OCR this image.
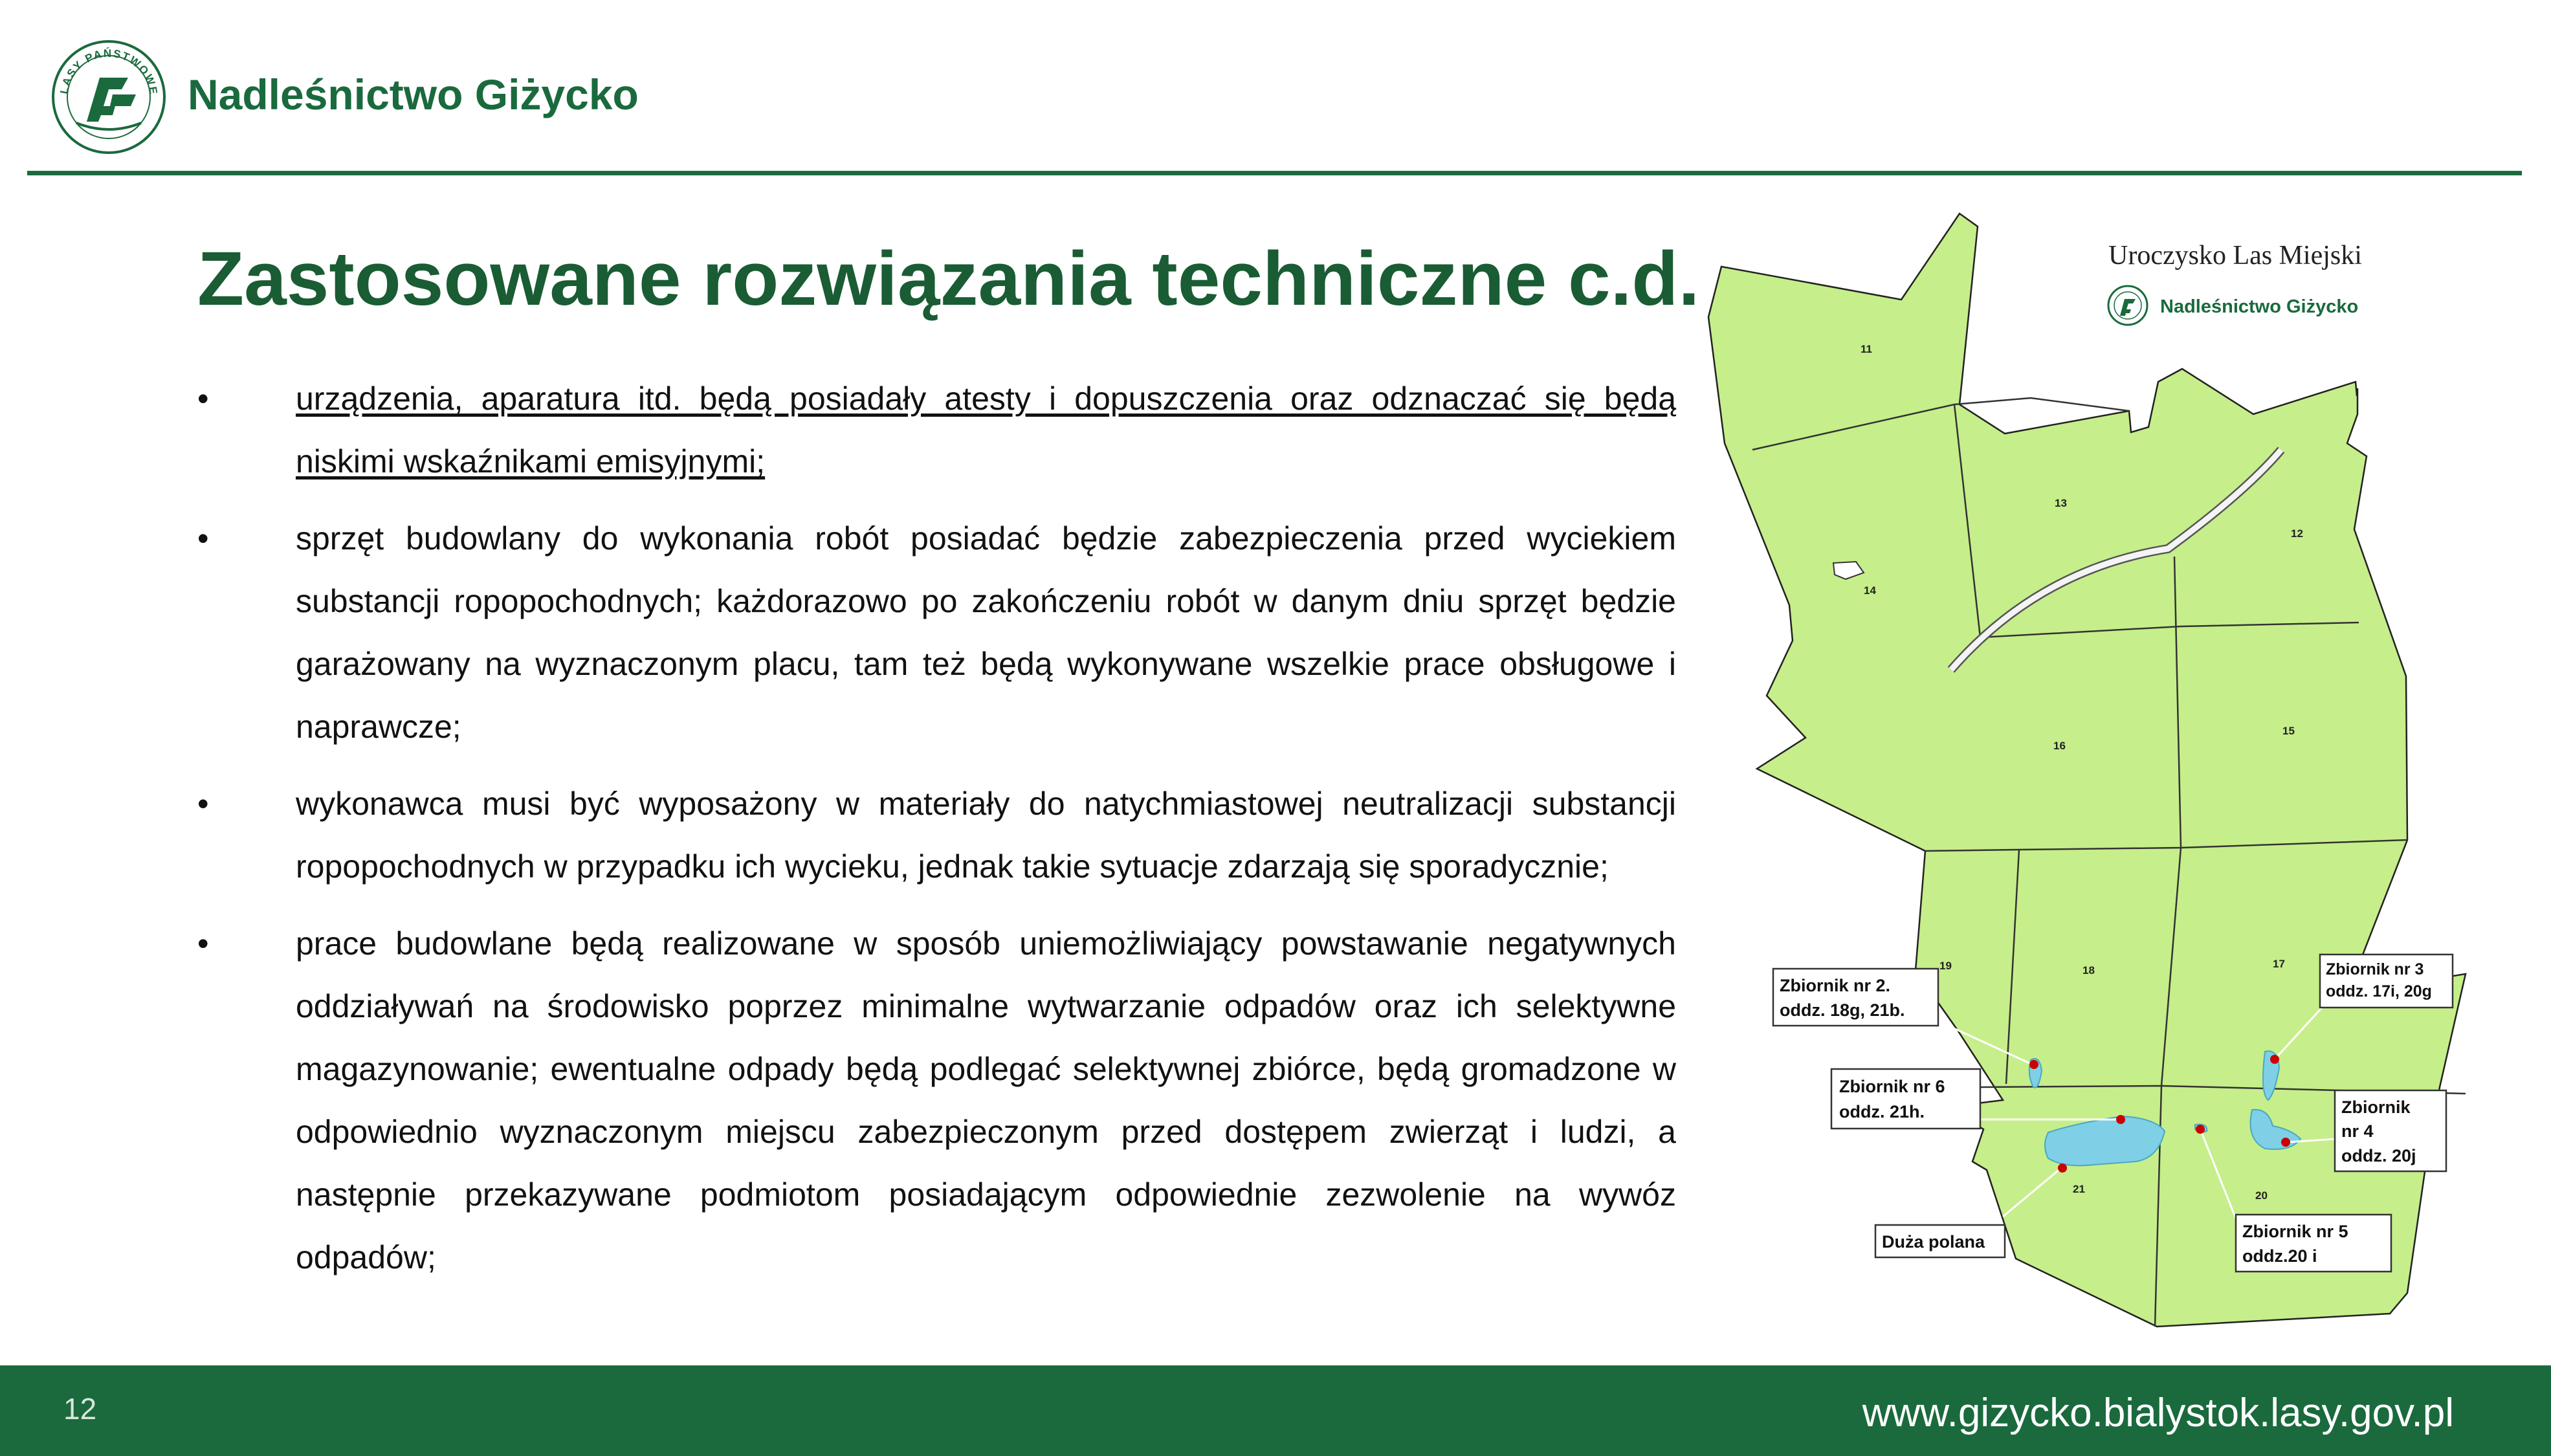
LASY PAŃSTWOWE Nadleśnictwo Giżycko
Zastosowane rozwiązania techniczne c.d.
•	urządzenia, aparatura itd. będą posiadały atesty i dopuszczenia oraz odznaczać się będą niskimi wskaźnikami emisyjnymi;
•	sprzęt budowlany do wykonania robót posiadać będzie zabezpieczenia przed wyciekiem substancji ropopochodnych; każdorazowo po zakończeniu robót w danym dniu sprzęt będzie garażowany na wyznaczonym placu, tam też będą wykonywane wszelkie prace obsługowe i naprawcze;
•	wykonawca musi być wyposażony w materiały do natychmiastowej neutralizacji substancji ropopochodnych w przypadku ich wycieku, jednak takie sytuacje zdarzają się sporadycznie;
•	prace budowlane będą realizowane w sposób uniemożliwiający powstawanie negatywnych oddziaływań na środowisko poprzez minimalne wytwarzanie odpadów oraz ich selektywne magazynowanie; ewentualne odpady będą podlegać selektywnej zbiórce, będą gromadzone w odpowiednio wyznaczonym miejscu zabezpieczonym przed dostępem zwierząt i ludzi, a następnie przekazywane podmiotom posiadającym odpowiednie zezwolenie na wywóz odpadów;
11
13
12
14
16
15
19	18
17
21
20
Uroczysko Las Miejski
Nadleśnictwo Giżycko
Zbiornik nr 2.
oddz. 18g, 21b.
Zbiornik nr 3
oddz. 17i, 20g
Zbiornik nr 6
oddz. 21h.	Zbiornik
nr 4
oddz. 20j
Duża polana
Zbiornik nr 5
oddz.20 i
12	www.gizycko.bialystok.lasy.gov.pl
